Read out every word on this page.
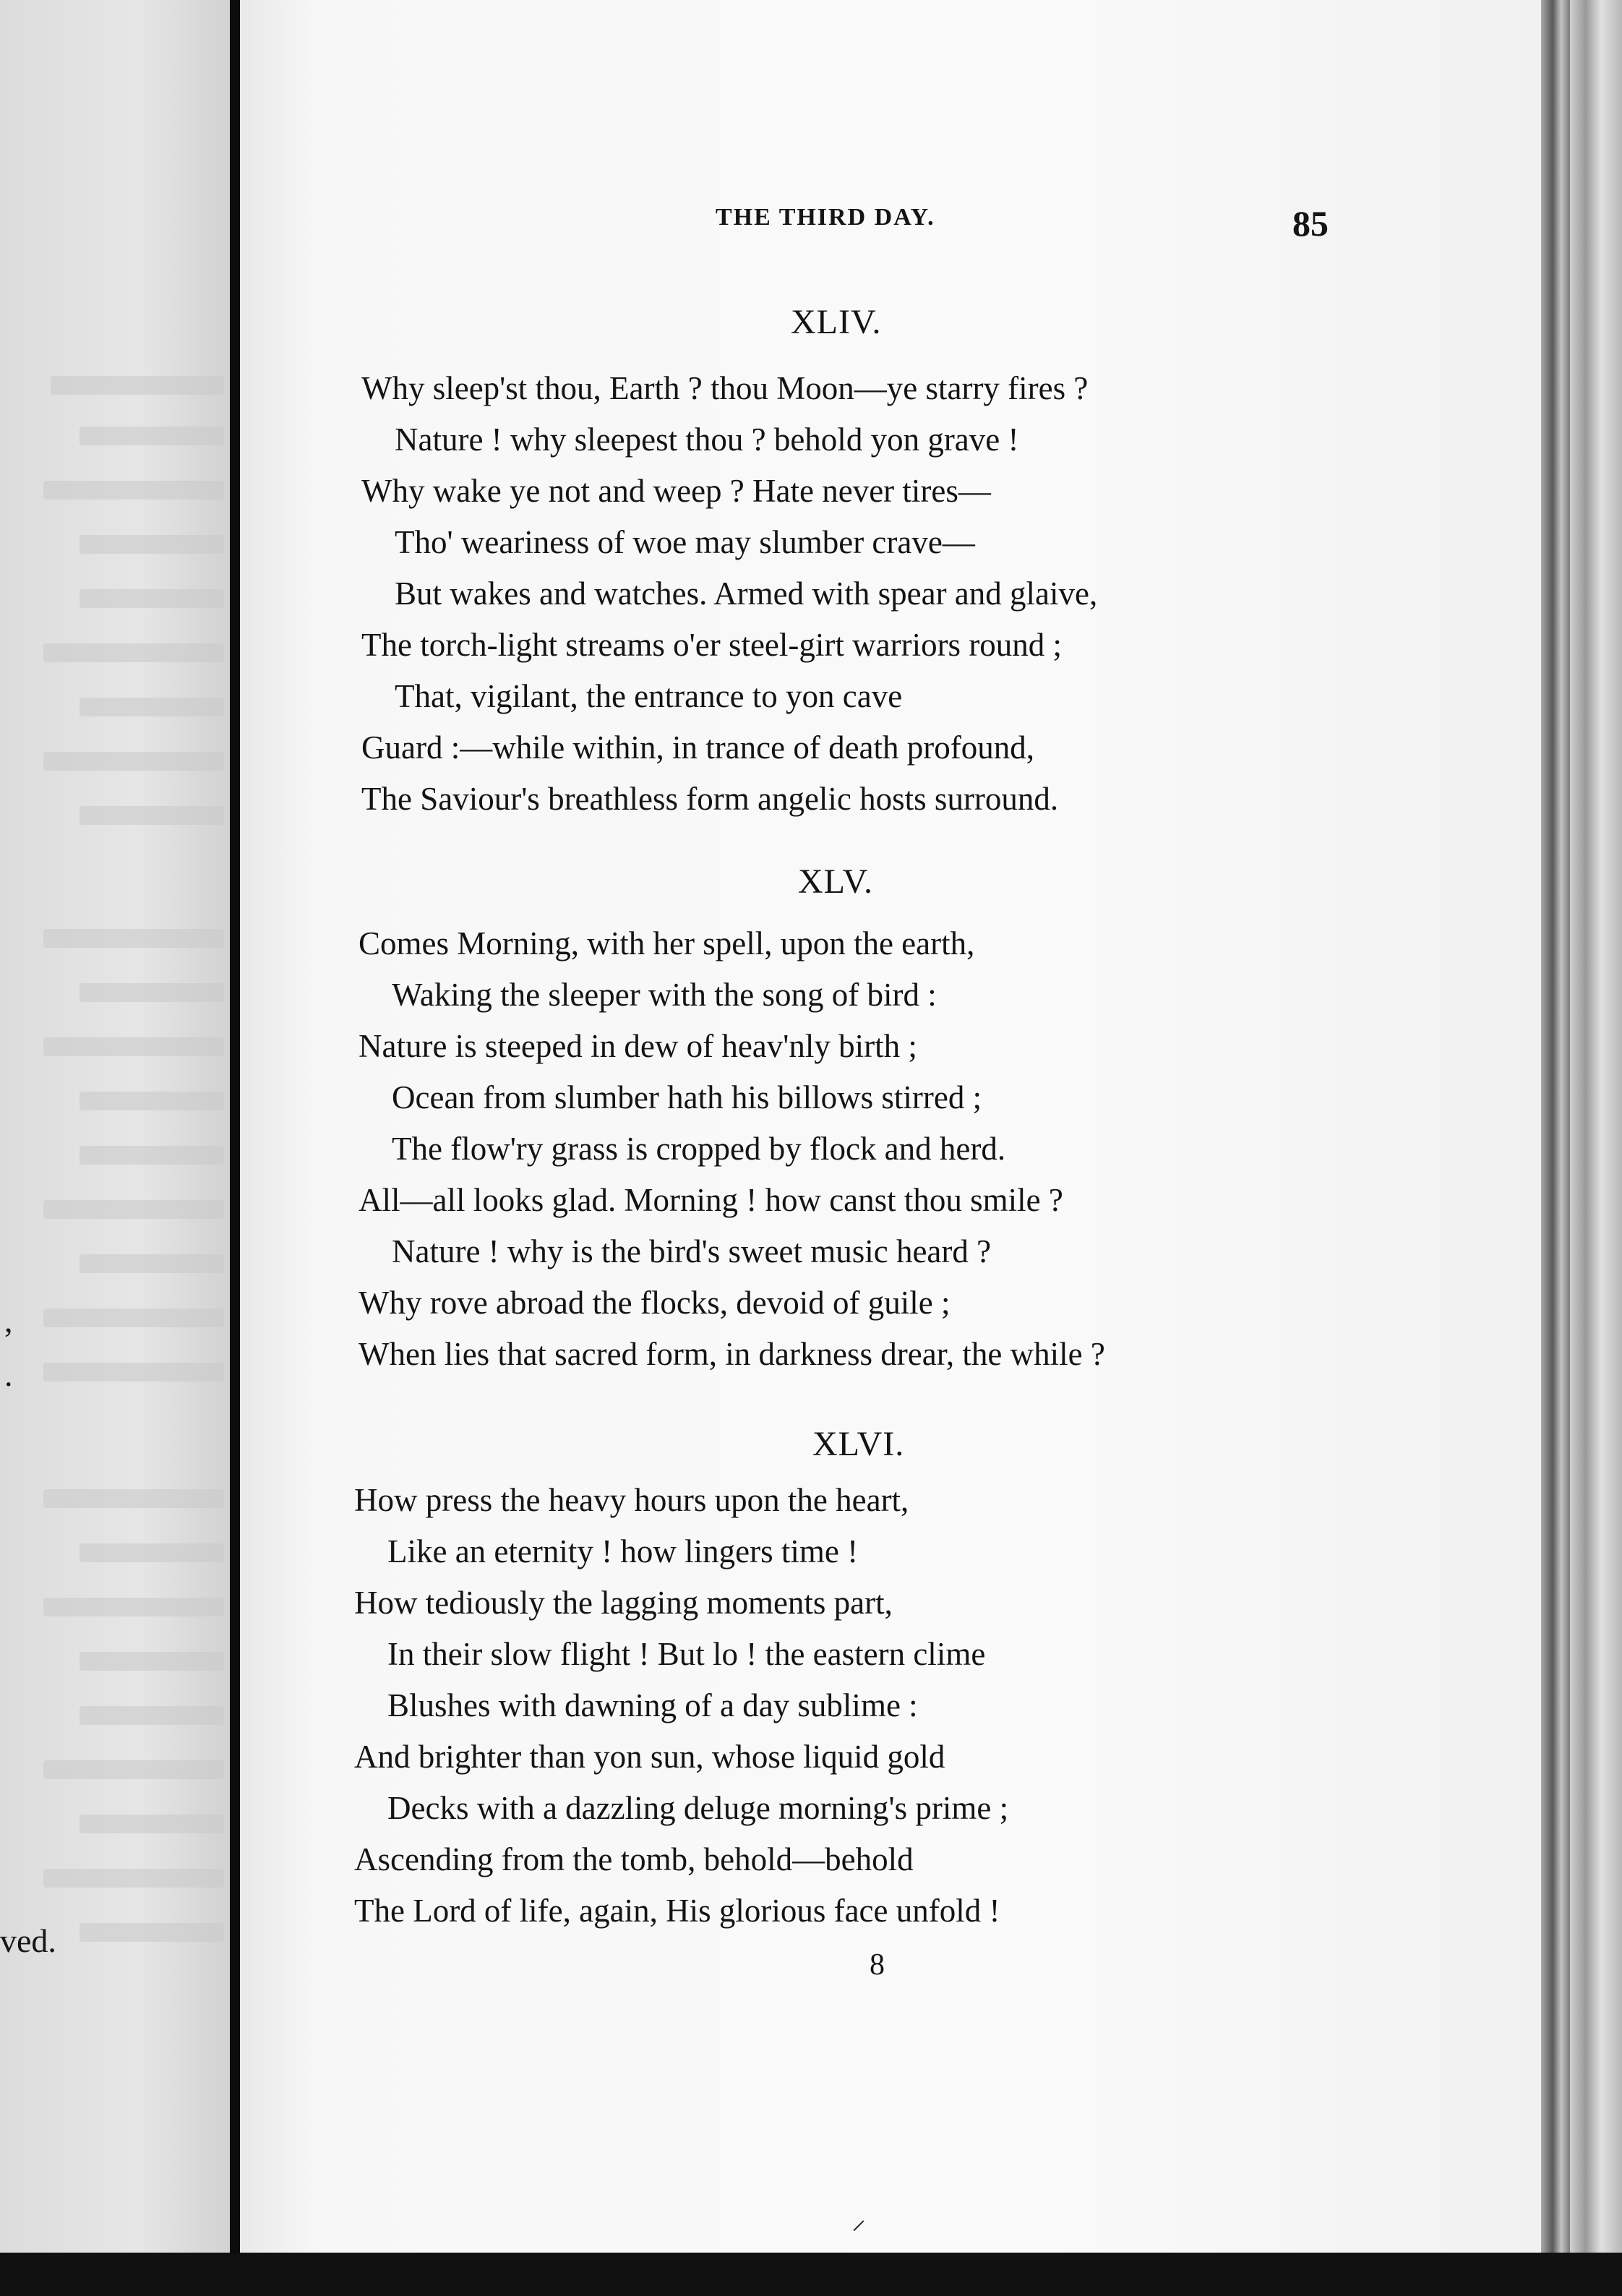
,
.
ved.
THE THIRD DAY.	85
XLIV.
Why sleep'st thou, Earth ? thou Moon—ye starry fires ?
Nature ! why sleepest thou ? behold yon grave !
Why wake ye not and weep ? Hate never tires—
Tho' weariness of woe may slumber crave—
But wakes and watches. Armed with spear and glaive,
The torch-light streams o'er steel-girt warriors round ;
That, vigilant, the entrance to yon cave
Guard :—while within, in trance of death profound,
The Saviour's breathless form angelic hosts surround.
XLV.
Comes Morning, with her spell, upon the earth,
Waking the sleeper with the song of bird :
Nature is steeped in dew of heav'nly birth ;
Ocean from slumber hath his billows stirred ;
The flow'ry grass is cropped by flock and herd.
All—all looks glad. Morning ! how canst thou smile ?
Nature ! why is the bird's sweet music heard ?
Why rove abroad the flocks, devoid of guile ;
When lies that sacred form, in darkness drear, the while ?
XLVI.
How press the heavy hours upon the heart,
Like an eternity ! how lingers time !
How tediously the lagging moments part,
In their slow flight ! But lo ! the eastern clime
Blushes with dawning of a day sublime :
And brighter than yon sun, whose liquid gold
Decks with a dazzling deluge morning's prime ;
Ascending from the tomb, behold—behold
The Lord of life, again, His glorious face unfold !
8
⸝
